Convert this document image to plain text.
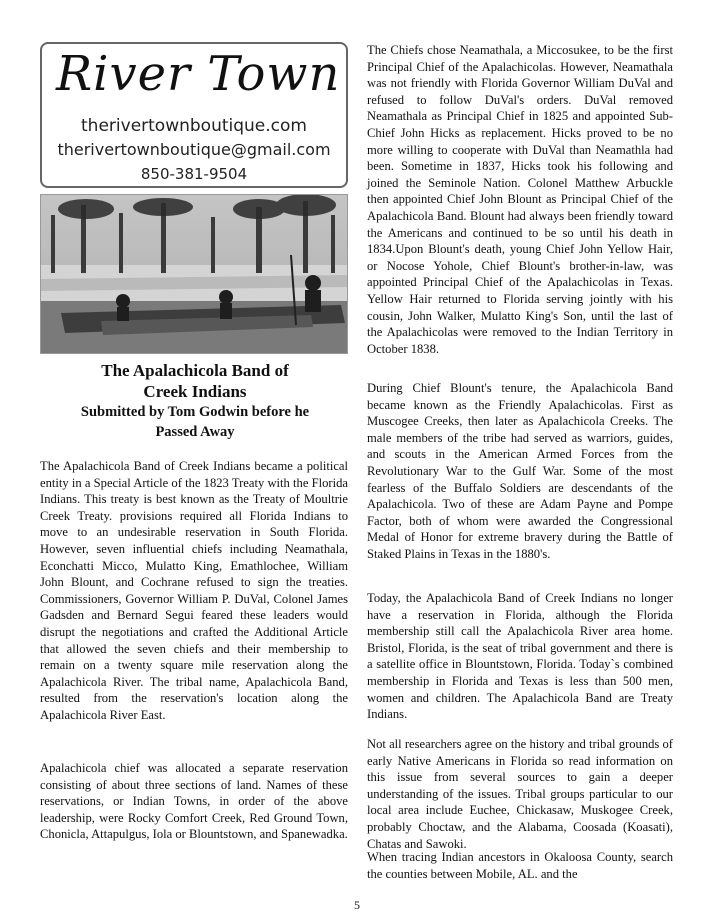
River Town
therivertownboutique.com
therivertownboutique@gmail.com
850-381-9504
The Apalachicola Band of
Creek Indians
Submitted by Tom Godwin before he
Passed Away

The Apalachicola Band of Creek Indians became a political entity in a Special Article of the 1823 Treaty with the Florida Indians. This treaty is best known as the Treaty of Moultrie Creek Treaty. provisions required all Florida Indians to move to an undesirable reservation in South Florida. However, seven influential chiefs including Neamathala, Econchatti Micco, Mulatto King, Emathlochee, William John Blount, and Cochrane refused to sign the treaties. Commissioners, Governor William P. DuVal, Colonel James Gadsden and Bernard Segui feared these leaders would disrupt the negotiations and crafted the Additional Article that allowed the seven chiefs and their membership to remain on a twenty square mile reservation along the Apalachicola River. The tribal name, Apalachicola Band, resulted from the reservation's location along the Apalachicola River East.

Apalachicola chief was allocated a separate reservation consisting of about three sections of land. Names of these reservations, or Indian Towns, in order of the above leadership, were Rocky Comfort Creek, Red Ground Town, Chonicla, Attapulgus, Iola or Blountstown, and Spanewadka.

The Chiefs chose Neamathala, a Miccosukee, to be the first Principal Chief of the Apalachicolas. However, Neamathala was not friendly with Florida Governor William DuVal and refused to follow DuVal's orders. DuVal removed Neamathala as Principal Chief in 1825 and appointed Sub-Chief John Hicks as replacement. Hicks proved to be no more willing to cooperate with DuVal than Neamathla had been. Sometime in 1837, Hicks took his following and joined the Seminole Nation. Colonel Matthew Arbuckle then appointed Chief John Blount as Principal Chief of the Apalachicola Band. Blount had always been friendly toward the Americans and continued to be so until his death in 1834.Upon Blount's death, young Chief John Yellow Hair, or Nocose Yohole, Chief Blount's brother-in-law, was appointed Principal Chief of the Apalachicolas in Texas. Yellow Hair returned to Florida serving jointly with his cousin, John Walker, Mulatto King's Son, until the last of the Apalachicolas were removed to the Indian Territory in October 1838.

During Chief Blount's tenure, the Apalachicola Band became known as the Friendly Apalachicolas. First as Muscogee Creeks, then later as Apalachicola Creeks. The male members of the tribe had served as warriors, guides, and scouts in the American Armed Forces from the Revolutionary War to the Gulf War. Some of the most fearless of the Buffalo Soldiers are descendants of the Apalachicola. Two of these are Adam Payne and Pompe Factor, both of whom were awarded the Congressional Medal of Honor for extreme bravery during the Battle of Staked Plains in Texas in the 1880's.

Today, the Apalachicola Band of Creek Indians no longer have a reservation in Florida, although the Florida membership still call the Apalachicola River area home. Bristol, Florida, is the seat of tribal government and there is a satellite office in Blountstown, Florida. Today`s combined membership in Florida and Texas is less than 500 men, women and children. The Apalachicola Band are Treaty Indians.

Not all researchers agree on the history and tribal grounds of early Native Americans in Florida so read information on this issue from several sources to gain a deeper understanding of the issues. Tribal groups particular to our local area include Euchee, Chickasaw, Muskogee Creek, probably Choctaw, and the Alabama, Coosada (Koasati), Chatas and Sawoki.

When tracing Indian ancestors in Okaloosa County, search the counties between Mobile, AL. and the

5
